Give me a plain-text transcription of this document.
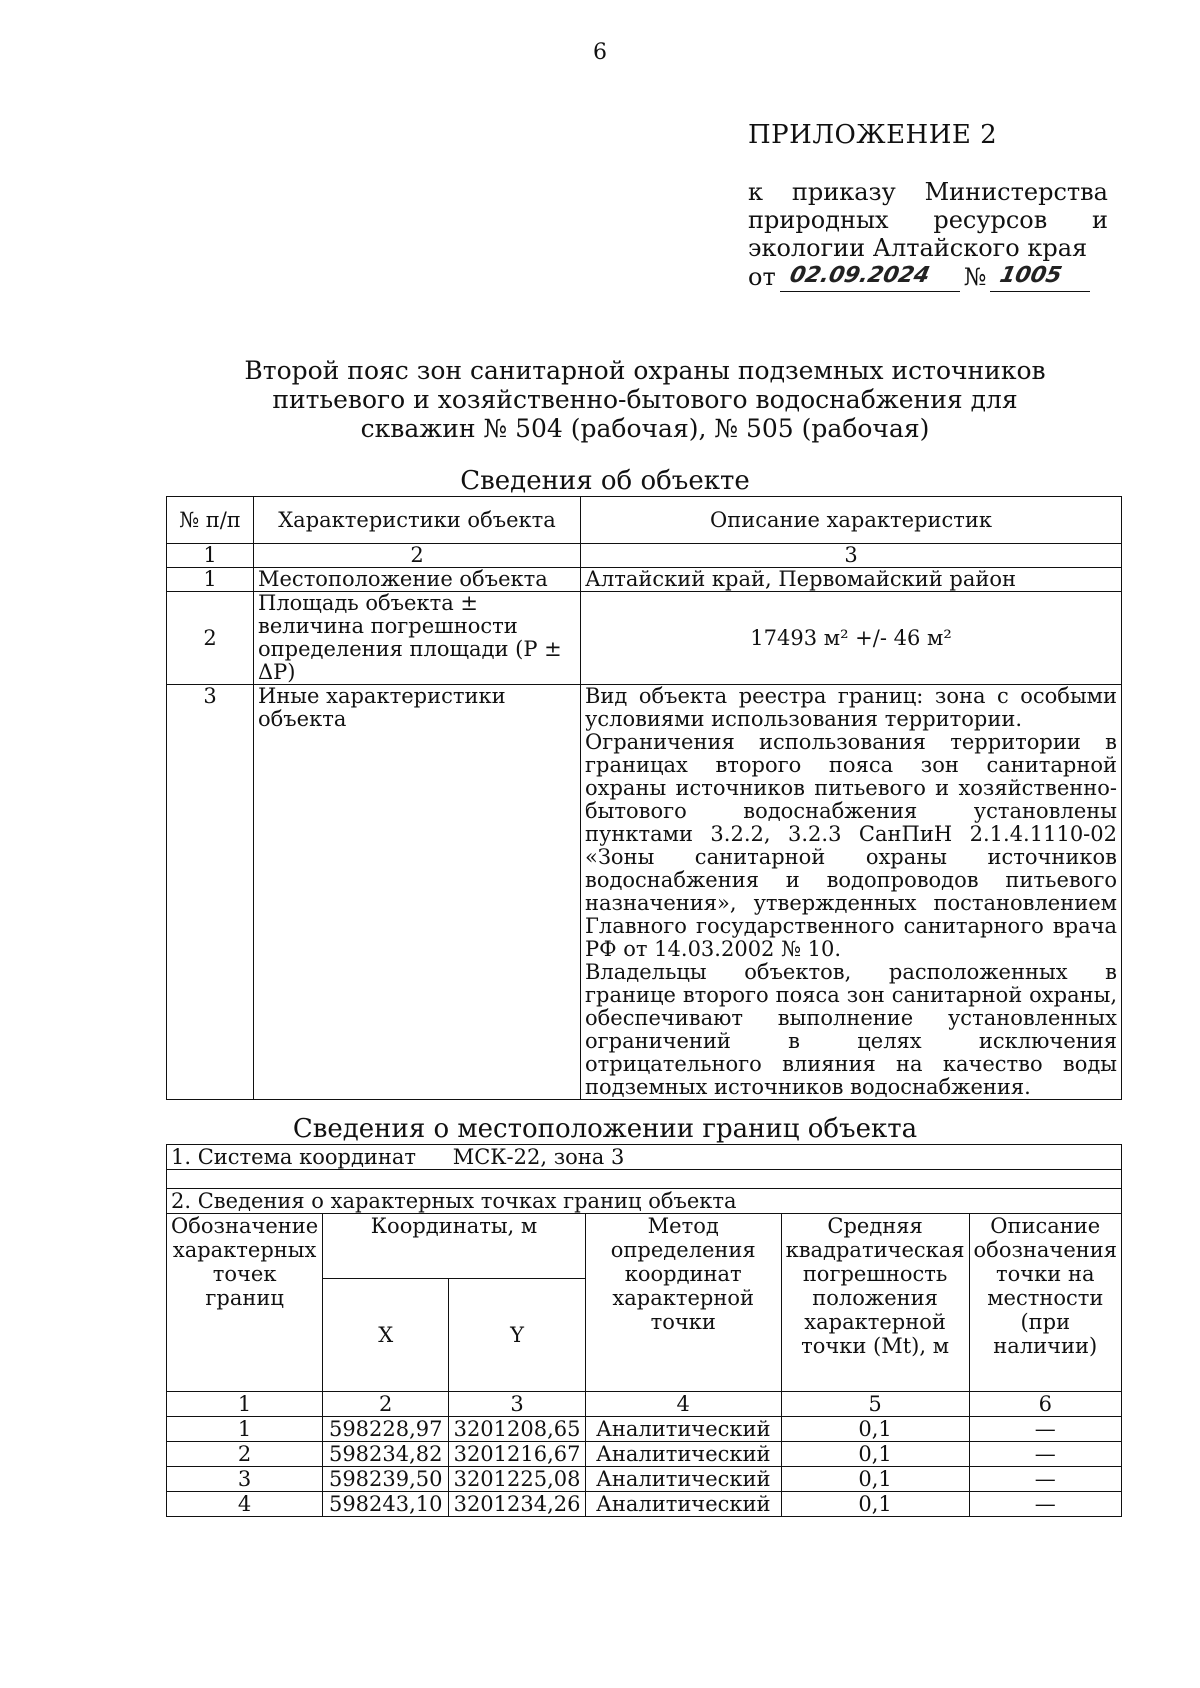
6
ПРИЛОЖЕНИЕ 2
к приказу Министерства природных ресурсов и экологии Алтайского края
от 02.09.2024 № 1005
Второй пояс зон санитарной охраны подземных источников питьевого и хозяйственно-бытового водоснабжения для скважин № 504 (рабочая), № 505 (рабочая)
Сведения об объекте
№ п/п	Характеристики объекта	Описание характеристик
1	2	3
1	Местоположение объекта	Алтайский край, Первомайский район
2	Площадь объекта ± величина погрешности определения площади (P ± ΔP)	17493 м² +/- 46 м²
3	Иные характеристики объекта	Вид объекта реестра границ: зона с особыми условиями использования территории.

Ограничения использования территории в границах второго пояса зон санитарной охраны источников питьевого и хозяйственно-бытового водоснабжения установлены пунктами 3.2.2, 3.2.3 СанПиН 2.1.4.1110-02 «Зоны санитарной охраны источников водоснабжения и водопроводов питьевого назначения», утвержденных постановлением Главного государственного санитарного врача РФ от 14.03.2002 № 10.

Владельцы объектов, расположенных в границе второго пояса зон санитарной охраны, обеспечивают выполнение установленных ограничений в целях исключения отрицательного влияния на качество воды подземных источников водоснабжения.

Сведения о местоположении границ объекта
1. Система координат МСК-22, зона 3					

2. Сведения о характерных точках границ объекта					
Обозначение характерных точек границ	Координаты, м		Метод определения координат характерной точки	Средняя квадратическая погрешность положения характерной точки (Mt), м	Описание обозначения точки на местности (при наличии)
	X	Y			
1	2	3	4	5	6
1	598228,97	3201208,65	Аналитический	0,1	—
2	598234,82	3201216,67	Аналитический	0,1	—
3	598239,50	3201225,08	Аналитический	0,1	—
4	598243,10	3201234,26	Аналитический	0,1	—
